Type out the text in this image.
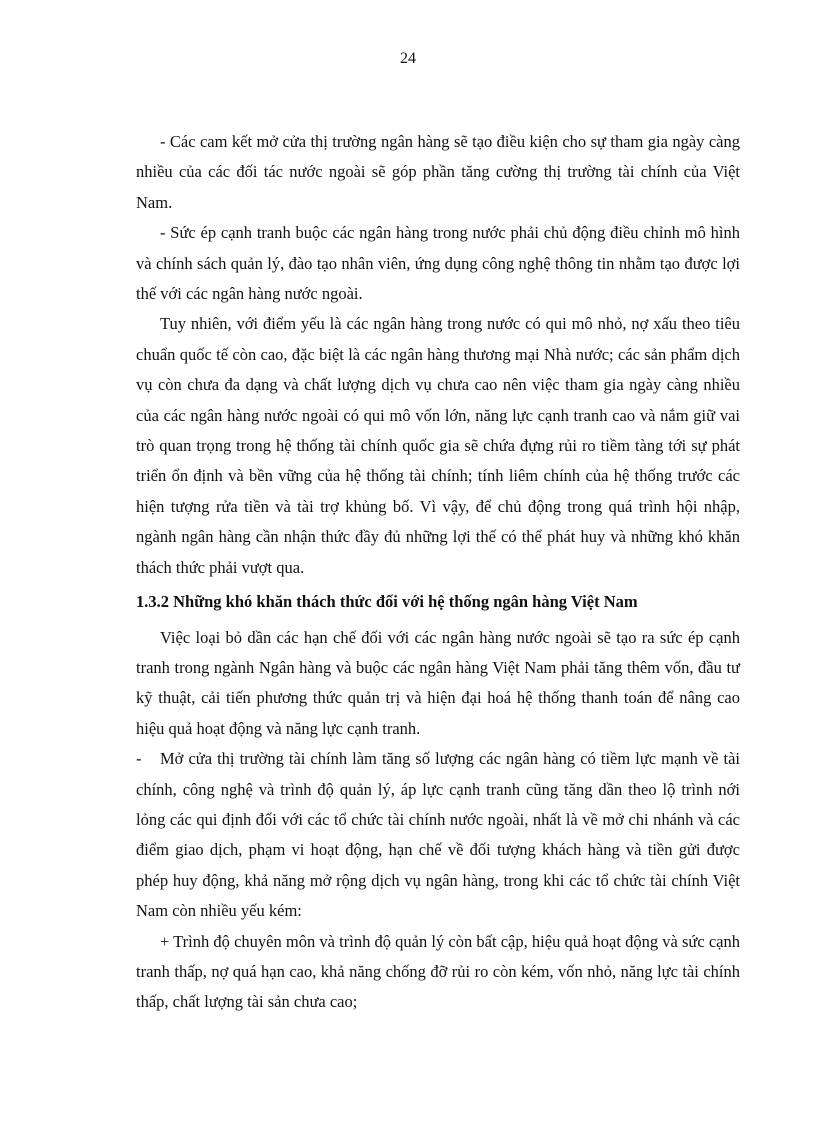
24

- Các cam kết mở cửa thị trường ngân hàng sẽ tạo điều kiện cho sự tham gia ngày càng nhiều của các đối tác nước ngoài sẽ góp phần tăng cường thị trường tài chính của Việt Nam.

- Sức ép cạnh tranh buộc các ngân hàng trong nước phải chủ động điều chỉnh mô hình và chính sách quản lý, đào tạo nhân viên, ứng dụng công nghệ thông tin nhằm tạo được lợi thế với các ngân hàng nước ngoài.

Tuy nhiên, với điểm yếu là các ngân hàng trong nước có qui mô nhỏ, nợ xấu theo tiêu chuẩn quốc tế còn cao, đặc biệt là các ngân hàng thương mại Nhà nước; các sản phẩm dịch vụ còn chưa đa dạng và chất lượng dịch vụ chưa cao nên việc tham gia ngày càng nhiều của các ngân hàng nước ngoài có qui mô vốn lớn, năng lực cạnh tranh cao và nắm giữ vai trò quan trọng trong hệ thống tài chính quốc gia sẽ chứa đựng rủi ro tiềm tàng tới sự phát triển ổn định và bền vững của hệ thống tài chính; tính liêm chính của hệ thống trước các hiện tượng rửa tiền và tài trợ khủng bố. Vì vậy, để chủ động trong quá trình hội nhập, ngành ngân hàng cần nhận thức đầy đủ những lợi thế có thể phát huy và những khó khăn thách thức phải vượt qua.

1.3.2 Những khó khăn thách thức đối với hệ thống ngân hàng Việt Nam

Việc loại bỏ dần các hạn chế đối với các ngân hàng nước ngoài sẽ tạo ra sức ép cạnh tranh trong ngành Ngân hàng và buộc các ngân hàng Việt Nam phải tăng thêm vốn, đầu tư kỹ thuật, cải tiến phương thức quản trị và hiện đại hoá hệ thống thanh toán để nâng cao hiệu quả hoạt động và năng lực cạnh tranh.

- Mở cửa thị trường tài chính làm tăng số lượng các ngân hàng có tiềm lực mạnh về tài chính, công nghệ và trình độ quản lý, áp lực cạnh tranh cũng tăng dần theo lộ trình nới lỏng các qui định đối với các tổ chức tài chính nước ngoài, nhất là về mở chi nhánh và các điểm giao dịch, phạm vi hoạt động, hạn chế về đối tượng khách hàng và tiền gửi được phép huy động, khả năng mở rộng dịch vụ ngân hàng, trong khi các tổ chức tài chính Việt Nam còn nhiều yếu kém:

+ Trình độ chuyên môn và trình độ quản lý còn bất cập, hiệu quả hoạt động và sức cạnh tranh thấp, nợ quá hạn cao, khả năng chống đỡ rủi ro còn kém, vốn nhỏ, năng lực tài chính thấp, chất lượng tài sản chưa cao;
